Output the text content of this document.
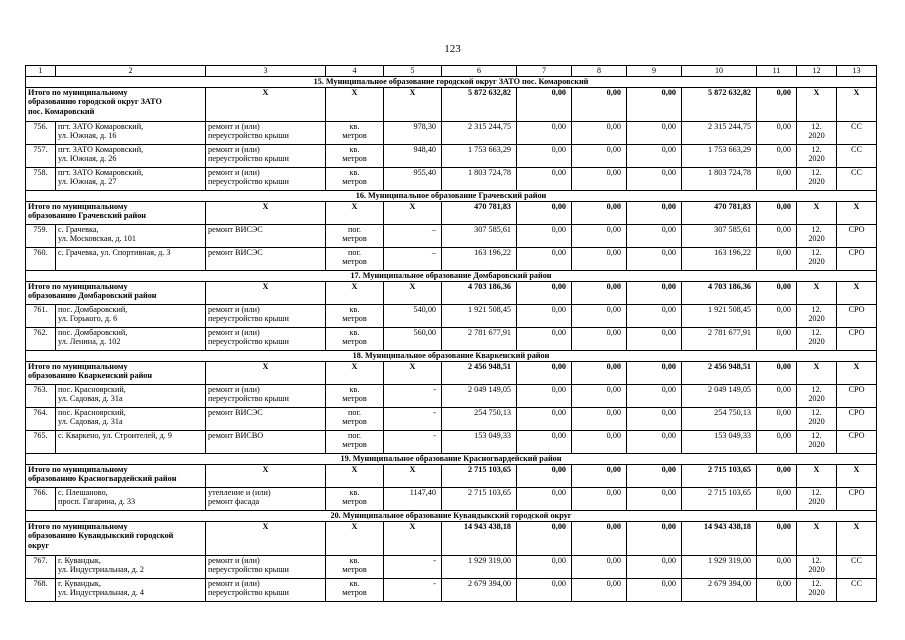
123
1	2	3	4	5	6	7	8	9	10	11	12	13
15. Муниципальное образование городской округ ЗАТО пос. Комаровский												

Итого по муниципальному
образованию городской округ ЗАТО
пос. Комаровский		X	X	X	5 872 632,82	0,00	0,00	0,00	5 872 632,82	0,00	X	X
756.	пгт. ЗАТО Комаровский,
ул. Южная, д. 16	ремонт и (или)
переустройство крыши	кв.
метров	978,30	2 315 244,75	0,00	0,00	0,00	2 315 244,75	0,00	12.
2020	СС
757.	пгт. ЗАТО Комаровский,
ул. Южная, д. 26	ремонт и (или)
переустройство крыши	кв.
метров	948,40	1 753 663,29	0,00	0,00	0,00	1 753 663,29	0,00	12.
2020	СС
758.	пгт. ЗАТО Комаровский,
ул. Южная, д. 27	ремонт и (или)
переустройство крыши	кв.
метров	955,40	1 803 724,78	0,00	0,00	0,00	1 803 724,78	0,00	12.
2020	СС
16. Муниципальное образование Грачевский район												

Итого по муниципальному
образованию Грачевский район		X	X	X	470 781,83	0,00	0,00	0,00	470 781,83	0,00	X	X
759.	с. Грачевка,
ул. Московская, д. 101	ремонт ВИСЭС	пог.
метров	–	307 585,61	0,00	0,00	0,00	307 585,61	0,00	12.
2020	СРО
760.	с. Грачевка, ул. Спортивная, д. 3	ремонт ВИСЭС	пог.
метров	–	163 196,22	0,00	0,00	0,00	163 196,22	0,00	12.
2020	СРО
17. Муниципальное образование Домбаровский район												

Итого по муниципальному
образованию Домбаровский район		X	X	X	4 703 186,36	0,00	0,00	0,00	4 703 186,36	0,00	X	X
761.	пос. Домбаровский,
ул. Горького, д. 6	ремонт и (или)
переустройство крыши	кв.
метров	540,00	1 921 508,45	0,00	0,00	0,00	1 921 508,45	0,00	12.
2020	СРО
762.	пос. Домбаровский,
ул. Ленина, д. 102	ремонт и (или)
переустройство крыши	кв.
метров	560,00	2 781 677,91	0,00	0,00	0,00	2 781 677,91	0,00	12.
2020	СРО
18. Муниципальное образование Кваркенский район												

Итого по муниципальному
образованию Кваркенский район		X	X	X	2 456 948,51	0,00	0,00	0,00	2 456 948,51	0,00	X	X
763.	пос. Красноярский,
ул. Садовая, д. 31а	ремонт и (или)
переустройство крыши	кв.
метров	-	2 049 149,05	0,00	0,00	0,00	2 049 149,05	0,00	12.
2020	СРО
764.	пос. Красноярский,
ул. Садовая, д. 31а	ремонт ВИСЭС	пог.
метров	-	254 750,13	0,00	0,00	0,00	254 750,13	0,00	12.
2020	СРО
765.	с. Кваркено, ул. Строителей, д. 9	ремонт ВИСВО	пог.
метров	-	153 049,33	0,00	0,00	0,00	153 049,33	0,00	12.
2020	СРО
19. Муниципальное образование Красногвардейский район												

Итого по муниципальному
образованию Красногвардейский район		X	X	X	2 715 103,65	0,00	0,00	0,00	2 715 103,65	0,00	X	X
766.	с. Плешаново,
просп. Гагарина, д. 33	утепление и (или)
ремонт фасада	кв.
метров	1147,40	2 715 103,65	0,00	0,00	0,00	2 715 103,65	0,00	12.
2020	СРО
20. Муниципальное образование Кувандыкский городской округ												

Итого по муниципальному
образованию Кувандыкский городской
округ		X	X	X	14 943 438,18	0,00	0,00	0,00	14 943 438,18	0,00	X	X
767.	г. Кувандык,
ул. Индустриальная, д. 2	ремонт и (или)
переустройство крыши	кв.
метров	-	1 929 319,00	0,00	0,00	0,00	1 929 319,00	0,00	12.
2020	СС
768.	г. Кувандык,
ул. Индустриальная, д. 4	ремонт и (или)
переустройство крыши	кв.
метров	-	2 679 394,00	0,00	0,00	0,00	2 679 394,00	0,00	12.
2020	СС
